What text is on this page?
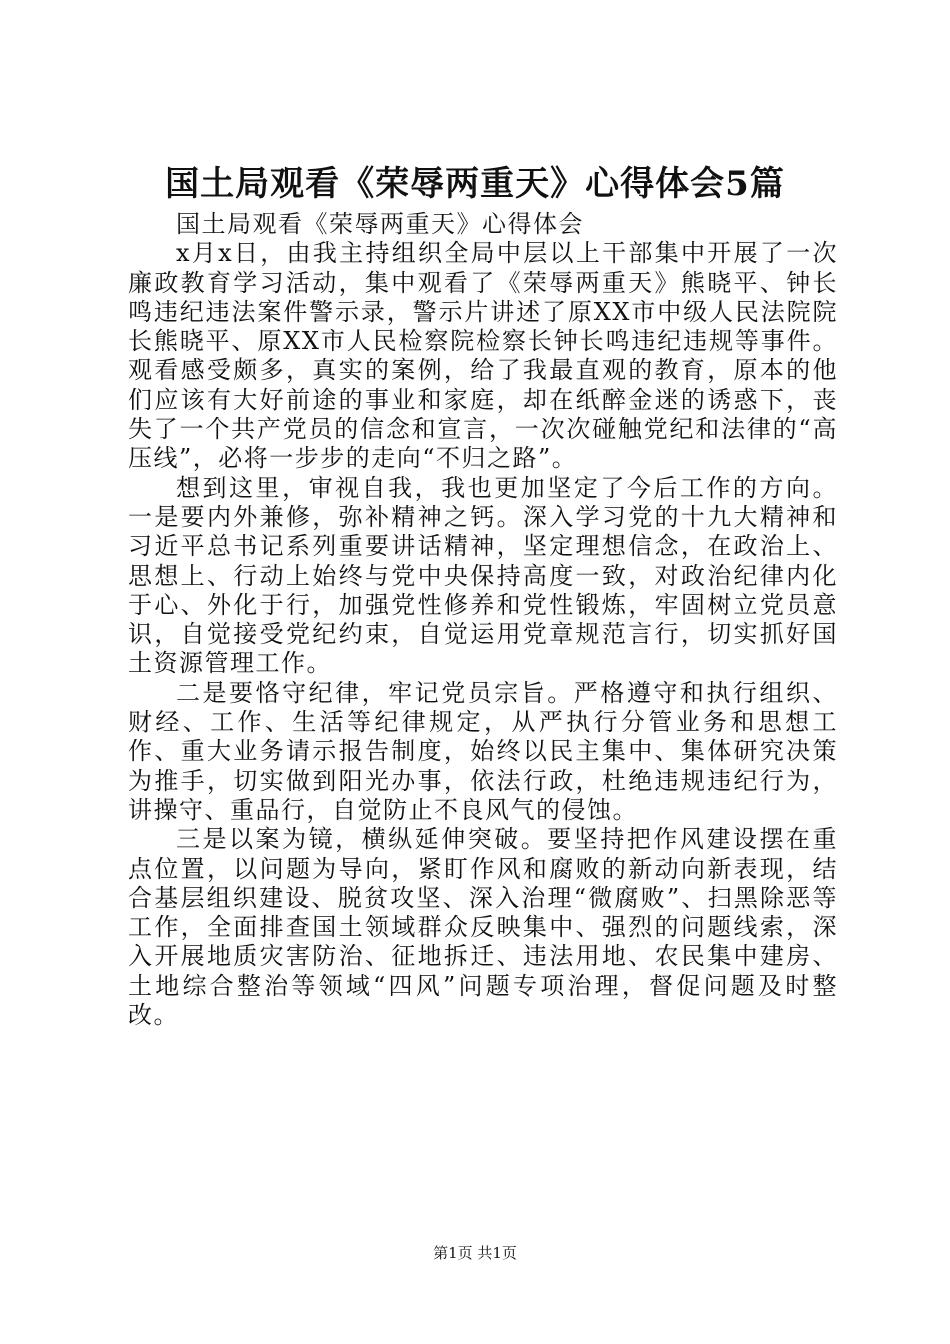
国土局观看《荣辱两重天》心得体会5篇

国土局观看《荣辱两重天》心得体会

x月x日，由我主持组织全局中层以上干部集中开展了一次廉政教育学习活动，集中观看了《荣辱两重天》熊晓平、钟长鸣违纪违法案件警示录，警示片讲述了原XX市中级人民法院院长熊晓平、原XX市人民检察院检察长钟长鸣违纪违规等事件。观看感受颇多，真实的案例，给了我最直观的教育，原本的他们应该有大好前途的事业和家庭，却在纸醉金迷的诱惑下，丧失了一个共产党员的信念和宣言，一次次碰触党纪和法律的“高压线”，必将一步步的走向“不归之路”。

想到这里，审视自我，我也更加坚定了今后工作的方向。一是要内外兼修，弥补精神之钙。深入学习党的十九大精神和习近平总书记系列重要讲话精神，坚定理想信念，在政治上、思想上、行动上始终与党中央保持高度一致，对政治纪律内化于心、外化于行，加强党性修养和党性锻炼，牢固树立党员意识，自觉接受党纪约束，自觉运用党章规范言行，切实抓好国土资源管理工作。

二是要恪守纪律，牢记党员宗旨。严格遵守和执行组织、财经、工作、生活等纪律规定，从严执行分管业务和思想工作、重大业务请示报告制度，始终以民主集中、集体研究决策为推手，切实做到阳光办事，依法行政，杜绝违规违纪行为，讲操守、重品行，自觉防止不良风气的侵蚀。

三是以案为镜，横纵延伸突破。要坚持把作风建设摆在重点位置，以问题为导向，紧盯作风和腐败的新动向新表现，结合基层组织建设、脱贫攻坚、深入治理“微腐败”、扫黑除恶等工作，全面排查国土领域群众反映集中、强烈的问题线索，深入开展地质灾害防治、征地拆迁、违法用地、农民集中建房、土地综合整治等领域“四风”问题专项治理，督促问题及时整改。

第1页 共1页
